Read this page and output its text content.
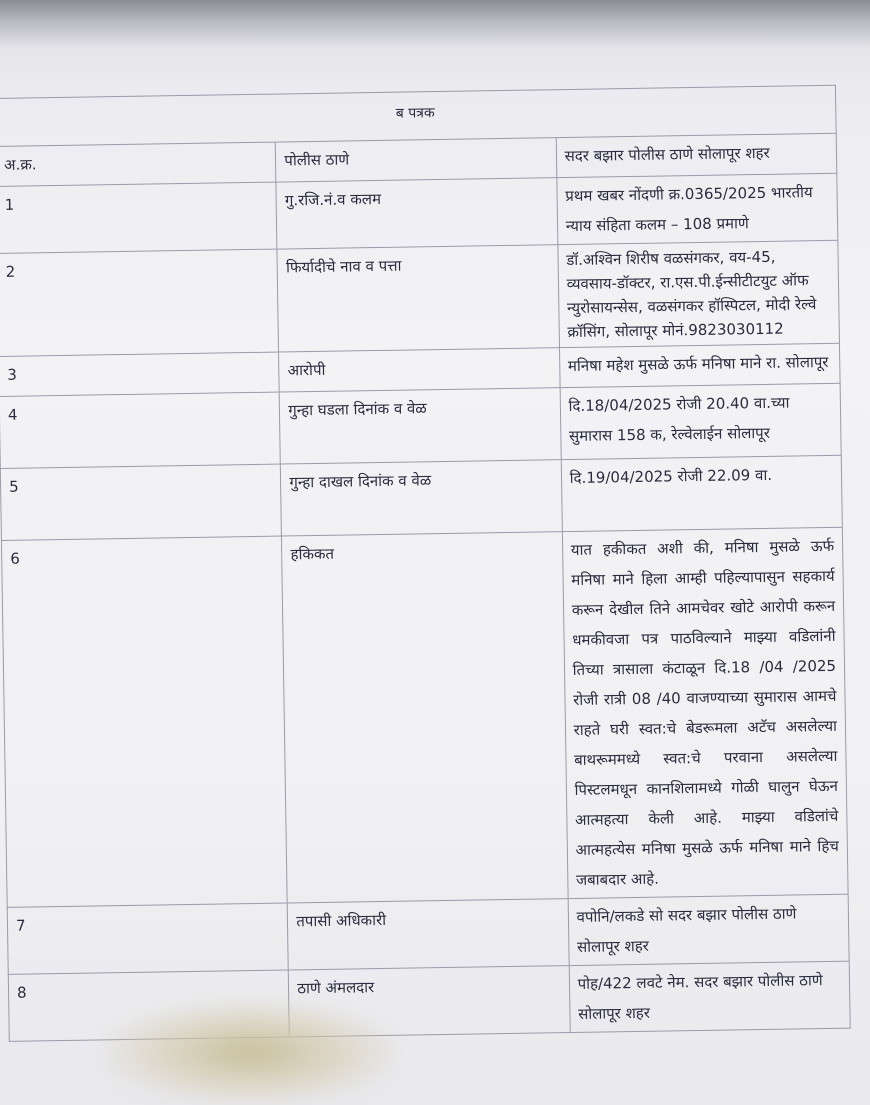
ब पत्रक		
अ.क्र.	पोलीस ठाणे	सदर बझार पोलीस ठाणे सोलापूर शहर
1	गु.रजि.नं.व कलम	प्रथम खबर नोंदणी क्र.0365/2025 भारतीय न्याय संहिता कलम – 108 प्रमाणे
2	फिर्यादीचे नाव व पत्ता	डॉ.अश्विन शिरीष वळसंगकर, वय-45, व्यवसाय-डॉक्टर, रा.एस.पी.ईन्सीटीटयुट ऑफ न्युरोसायन्सेस, वळसंगकर हॉस्पिटल, मोदी रेल्वे क्रॉसिंग, सोलापूर मोनं.9823030112
3	आरोपी	मनिषा महेश मुसळे ऊर्फ मनिषा माने रा. सोलापूर
4	गुन्हा घडला दिनांक व वेळ	दि.18/04/2025 रोजी 20.40 वा.च्या सुमारास 158 क, रेल्वेलाईन सोलापूर
5	गुन्हा दाखल दिनांक व वेळ	दि.19/04/2025 रोजी 22.09 वा.
6	हकिकत	यात हकीकत अशी की, मनिषा मुसळे ऊर्फ मनिषा माने हिला आम्ही पहिल्यापासुन सहकार्य करून देखील तिने आमचेवर खोटे आरोपी करून धमकीवजा पत्र पाठविल्याने माझ्या वडिलांनी तिच्या त्रासाला कंटाळून दि.18 /04 /2025 रोजी रात्री 08 /40 वाजण्याच्या सुमारास आमचे राहते घरी स्वत:चे बेडरूमला अटॅच असलेल्या बाथरूममध्ये स्वत:चे परवाना असलेल्या पिस्टलमधून कानशिलामध्ये गोळी घालुन घेऊन आत्महत्या केली आहे. माझ्या वडिलांचे आत्महत्येस मनिषा मुसळे ऊर्फ मनिषा माने हिच जबाबदार आहे.
7	तपासी अधिकारी	वपोनि/लकडे सो सदर बझार पोलीस ठाणे सोलापूर शहर
8	ठाणे अंमलदार	पोह/422 लवटे नेम. सदर बझार पोलीस ठाणे सोलापूर शहर
